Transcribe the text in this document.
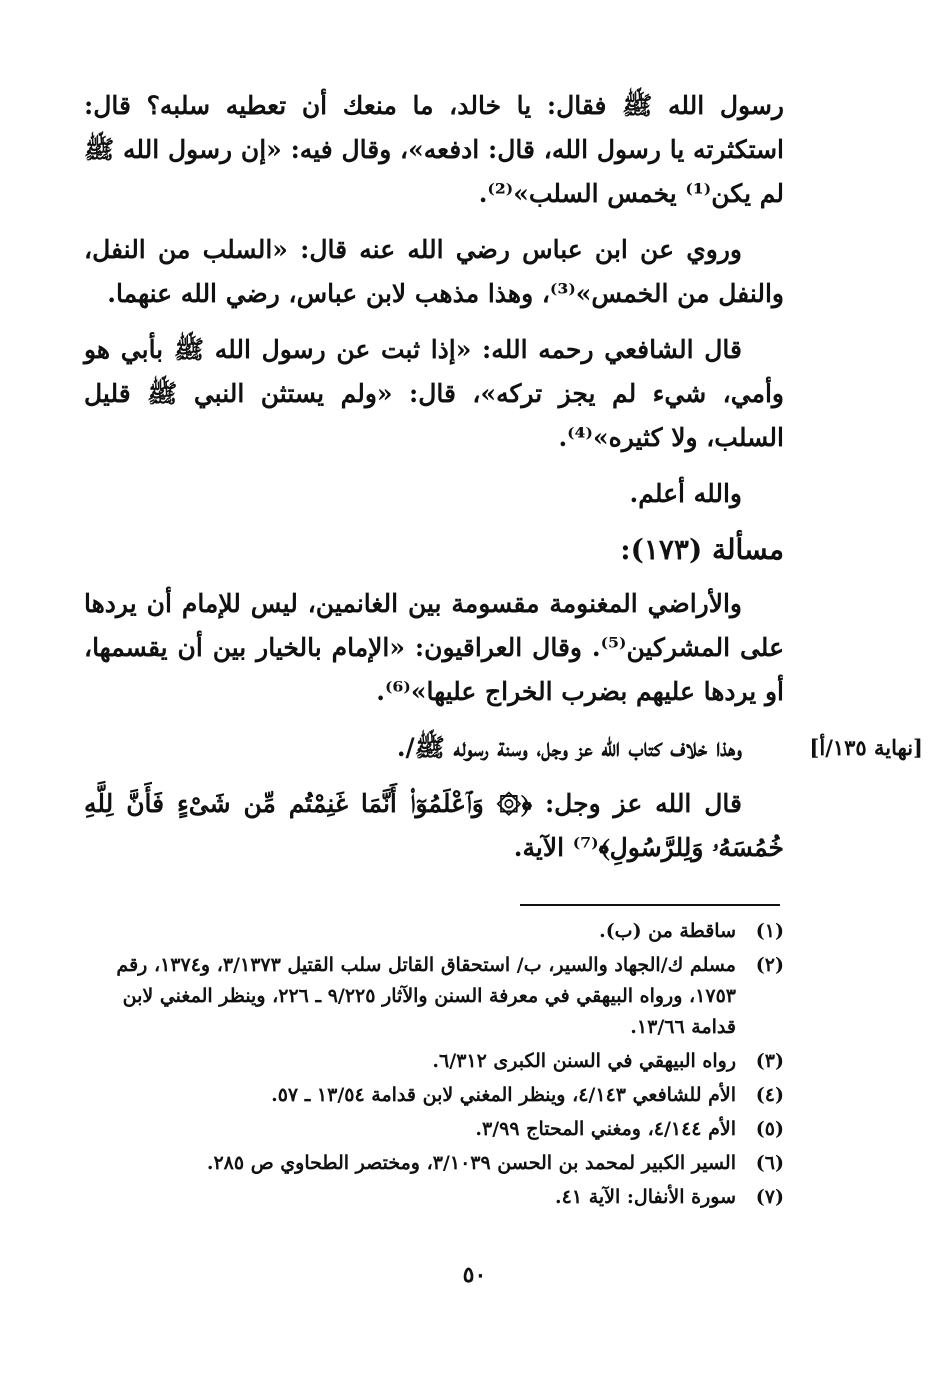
رسول الله ﷺ فقال: يا خالد، ما منعك أن تعطيه سلبه؟ قال: استكثرته يا رسول الله، قال: ادفعه»، وقال فيه: «إن رسول الله ﷺ لم يكن⁽¹⁾ يخمس السلب»⁽²⁾.

وروي عن ابن عباس رضي الله عنه قال: «السلب من النفل، والنفل من الخمس»⁽³⁾، وهذا مذهب لابن عباس، رضي الله عنهما.

قال الشافعي رحمه الله: «إذا ثبت عن رسول الله ﷺ بأبي هو وأمي، شيء لم يجز تركه»، قال: «ولم يستثن النبي ﷺ قليل السلب، ولا كثيره»⁽⁴⁾.

والله أعلم.

مسألة (١٧٣):

والأراضي المغنومة مقسومة بين الغانمين، ليس للإمام أن يردها على المشركين⁽⁵⁾. وقال العراقيون: «الإمام بالخيار بين أن يقسمها، أو يردها عليهم بضرب الخراج عليها»⁽⁶⁾.

وهذا خلاف كتاب الله عز وجل، وسنة رسوله ﷺ/.

قال الله عز وجل: ﴿۞ وَٱعْلَمُوٓا۟ أَنَّمَا غَنِمْتُم مِّن شَىْءٍ فَأَنَّ لِلَّهِ خُمُسَهُۥ وَلِلرَّسُولِ﴾⁽⁷⁾ الآية.

[نهاية ١٣٥/أ]
(١)
ساقطة من (ب).
(٢)
مسلم ك/الجهاد والسير، ب/ استحقاق القاتل سلب القتيل ٣/١٣٧٣، و١٣٧٤، رقم ١٧٥٣، ورواه البيهقي في معرفة السنن والآثار ٩/٢٢٥ ـ ٢٢٦، وينظر المغني لابن قدامة ١٣/٦٦.
(٣)
رواه البيهقي في السنن الكبرى ٦/٣١٢.
(٤)
الأم للشافعي ٤/١٤٣، وينظر المغني لابن قدامة ١٣/٥٤ ـ ٥٧.
(٥)
الأم ٤/١٤٤، ومغني المحتاج ٣/٩٩.
(٦)
السير الكبير لمحمد بن الحسن ٣/١٠٣٩، ومختصر الطحاوي ص ٢٨٥.
(٧)
سورة الأنفال: الآية ٤١.
٥٠
